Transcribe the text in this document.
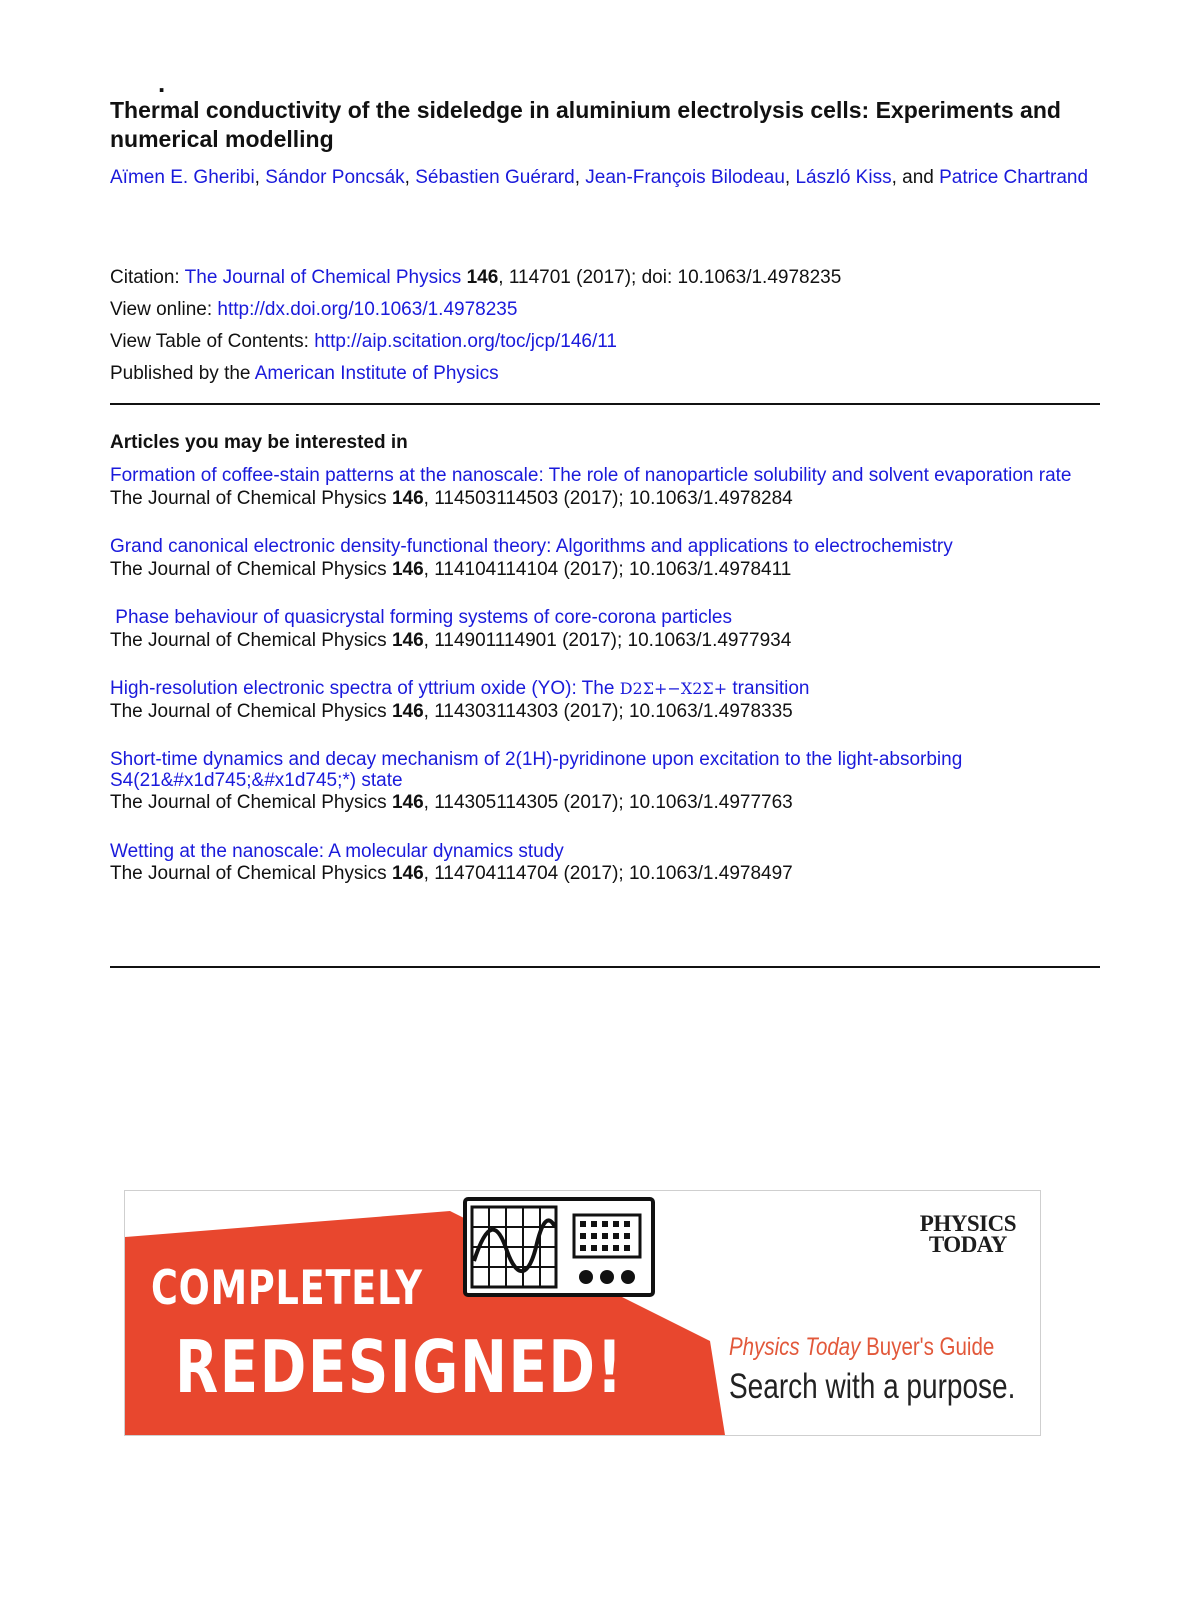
.
Thermal conductivity of the sideledge in aluminium electrolysis cells: Experiments and numerical modelling
Aïmen E. Gheribi, Sándor Poncsák, Sébastien Guérard, Jean-François Bilodeau, László Kiss, and Patrice Chartrand
Citation: The Journal of Chemical Physics 146, 114701 (2017); doi: 10.1063/1.4978235
View online: http://dx.doi.org/10.1063/1.4978235
View Table of Contents: http://aip.scitation.org/toc/jcp/146/11
Published by the American Institute of Physics
Articles you may be interested in
Formation of coffee-stain patterns at the nanoscale: The role of nanoparticle solubility and solvent evaporation rate
The Journal of Chemical Physics 146, 114503114503 (2017); 10.1063/1.4978284
Grand canonical electronic density-functional theory: Algorithms and applications to electrochemistry
The Journal of Chemical Physics 146, 114104114104 (2017); 10.1063/1.4978411
Phase behaviour of quasicrystal forming systems of core-corona particles
The Journal of Chemical Physics 146, 114901114901 (2017); 10.1063/1.4977934
High-resolution electronic spectra of yttrium oxide (YO): The D2Σ+−X2Σ+ transition
The Journal of Chemical Physics 146, 114303114303 (2017); 10.1063/1.4978335
Short-time dynamics and decay mechanism of 2(1H)-pyridinone upon excitation to the light-absorbing S4(21&#x1d745;&#x1d745;*) state
The Journal of Chemical Physics 146, 114305114305 (2017); 10.1063/1.4977763
Wetting at the nanoscale: A molecular dynamics study
The Journal of Chemical Physics 146, 114704114704 (2017); 10.1063/1.4978497
PHYSICS
TODAY
COMPLETELY
REDESIGNED!	Physics Today Buyer's Guide
Search with a purpose.
